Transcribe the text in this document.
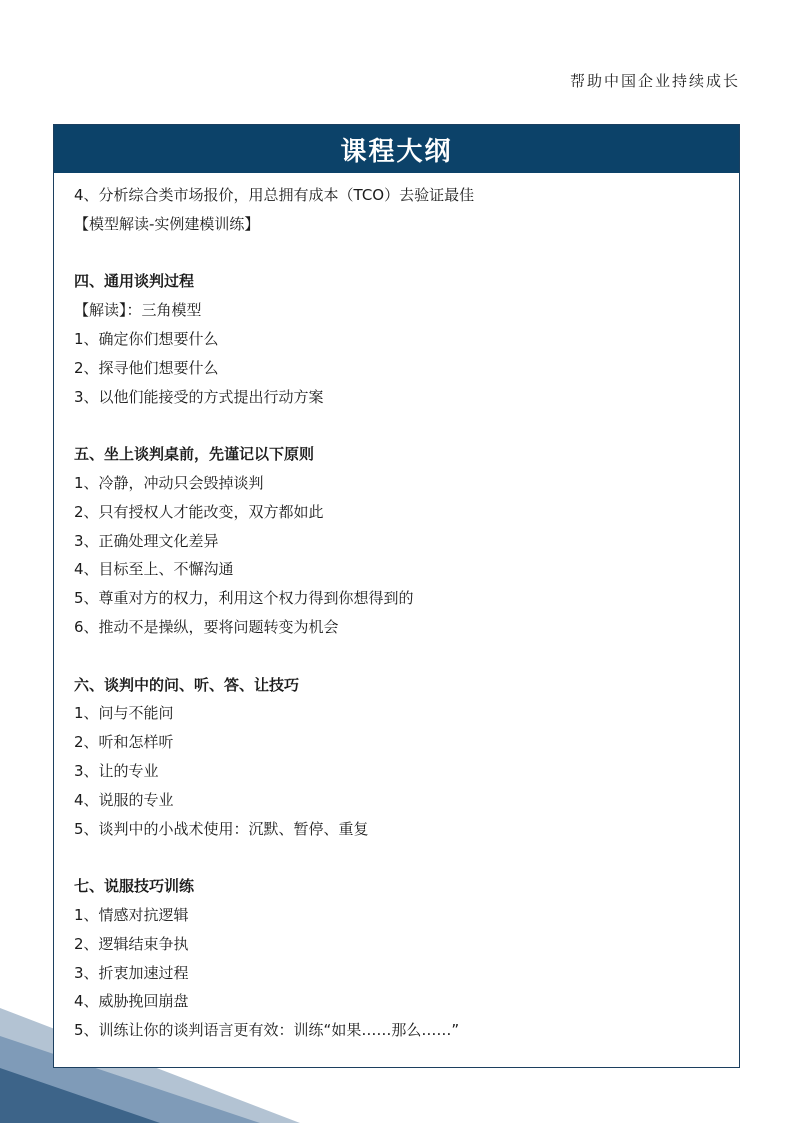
帮助中国企业持续成长
课程大纲
4、分析综合类市场报价，用总拥有成本（TCO）去验证最佳
【模型解读-实例建模训练】
四、通用谈判过程
【解读】：三角模型
1、确定你们想要什么
2、探寻他们想要什么
3、以他们能接受的方式提出行动方案
五、坐上谈判桌前，先谨记以下原则
1、冷静，冲动只会毁掉谈判
2、只有授权人才能改变，双方都如此
3、正确处理文化差异
4、目标至上、不懈沟通
5、尊重对方的权力，利用这个权力得到你想得到的
6、推动不是操纵，要将问题转变为机会
六、谈判中的问、听、答、让技巧
1、问与不能问
2、听和怎样听
3、让的专业
4、说服的专业
5、谈判中的小战术使用：沉默、暂停、重复
七、说服技巧训练
1、情感对抗逻辑
2、逻辑结束争执
3、折衷加速过程
4、威胁挽回崩盘
5、训练让你的谈判语言更有效：训练“如果……那么……”
